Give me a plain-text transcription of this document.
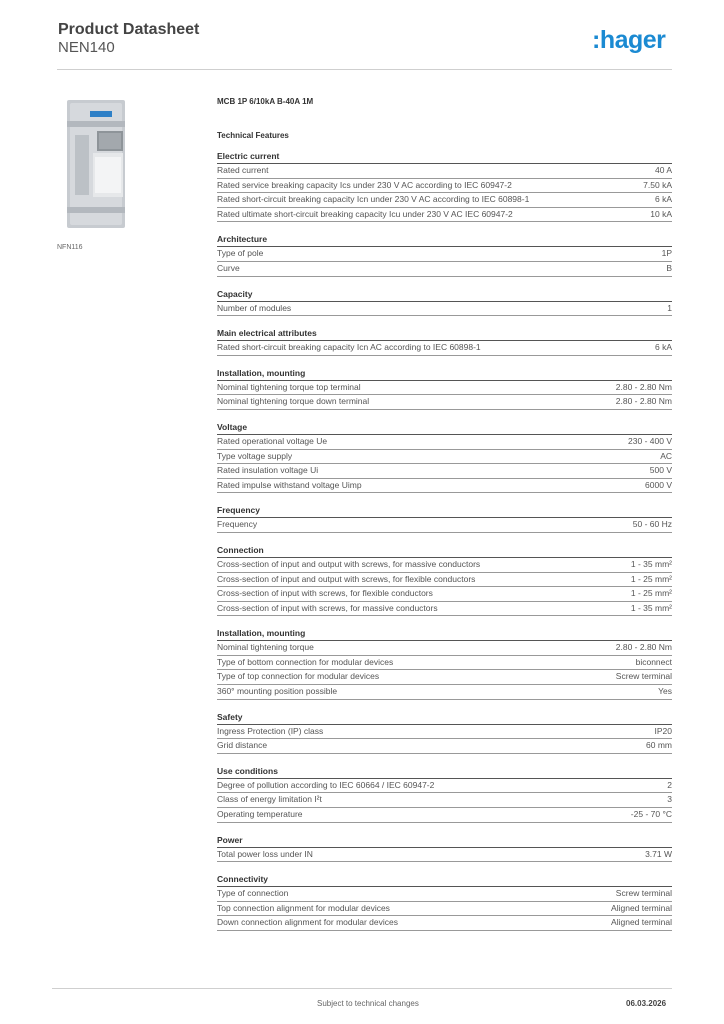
Product Datasheet
NEN140	:hager
NFN116
MCB 1P 6/10kA B-40A 1M
Technical Features
Electric current
Rated current	40 A
Rated service breaking capacity Ics under 230 V AC according to IEC 60947-2	7.50 kA
Rated short-circuit breaking capacity Icn under 230 V AC according to IEC 60898-1	6 kA
Rated ultimate short-circuit breaking capacity Icu under 230 V AC IEC 60947-2	10 kA
Architecture
Type of pole	1P
Curve	B
Capacity
Number of modules	1
Main electrical attributes
Rated short-circuit breaking capacity Icn AC according to IEC 60898-1	6 kA
Installation, mounting
Nominal tightening torque top terminal	2.80 - 2.80 Nm
Nominal tightening torque down terminal	2.80 - 2.80 Nm
Voltage
Rated operational voltage Ue	230 - 400 V
Type voltage supply	AC
Rated insulation voltage Ui	500 V
Rated impulse withstand voltage Uimp	6000 V
Frequency
Frequency	50 - 60 Hz
Connection
Cross-section of input and output with screws, for massive conductors	1 - 35 mm²
Cross-section of input and output with screws, for flexible conductors	1 - 25 mm²
Cross-section of input with screws, for flexible conductors	1 - 25 mm²
Cross-section of input with screws, for massive conductors	1 - 35 mm²
Installation, mounting
Nominal tightening torque	2.80 - 2.80 Nm
Type of bottom connection for modular devices	biconnect
Type of top connection for modular devices	Screw terminal
360° mounting position possible	Yes
Safety
Ingress Protection (IP) class	IP20
Grid distance	60 mm
Use conditions
Degree of pollution according to IEC 60664 / IEC 60947-2	2
Class of energy limitation I²t	3
Operating temperature	-25 - 70 °C
Power
Total power loss under IN	3.71 W
Connectivity
Type of connection	Screw terminal
Top connection alignment for modular devices	Aligned terminal
Down connection alignment for modular devices	Aligned terminal
Subject to technical changes	06.03.2026
